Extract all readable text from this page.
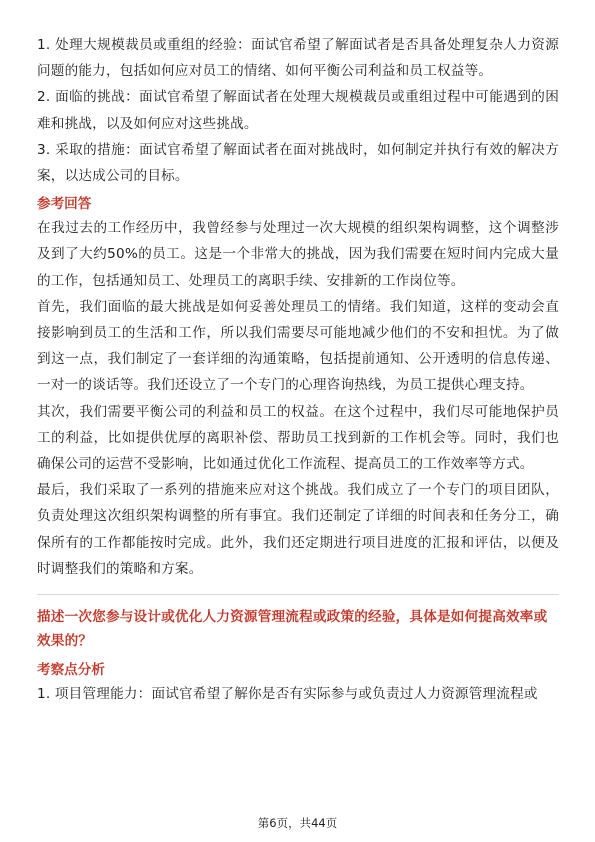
1. 处理大规模裁员或重组的经验：面试官希望了解面试者是否具备处理复杂人力资源问题的能力，包括如何应对员工的情绪、如何平衡公司利益和员工权益等。

2. 面临的挑战：面试官希望了解面试者在处理大规模裁员或重组过程中可能遇到的困难和挑战，以及如何应对这些挑战。

3. 采取的措施：面试官希望了解面试者在面对挑战时，如何制定并执行有效的解决方案，以达成公司的目标。

参考回答

在我过去的工作经历中，我曾经参与处理过一次大规模的组织架构调整，这个调整涉及到了大约50%的员工。这是一个非常大的挑战，因为我们需要在短时间内完成大量的工作，包括通知员工、处理员工的离职手续、安排新的工作岗位等。

首先，我们面临的最大挑战是如何妥善处理员工的情绪。我们知道，这样的变动会直接影响到员工的生活和工作，所以我们需要尽可能地减少他们的不安和担忧。为了做到这一点，我们制定了一套详细的沟通策略，包括提前通知、公开透明的信息传递、一对一的谈话等。我们还设立了一个专门的心理咨询热线，为员工提供心理支持。

其次，我们需要平衡公司的利益和员工的权益。在这个过程中，我们尽可能地保护员工的利益，比如提供优厚的离职补偿、帮助员工找到新的工作机会等。同时，我们也确保公司的运营不受影响，比如通过优化工作流程、提高员工的工作效率等方式。

最后，我们采取了一系列的措施来应对这个挑战。我们成立了一个专门的项目团队，负责处理这次组织架构调整的所有事宜。我们还制定了详细的时间表和任务分工，确保所有的工作都能按时完成。此外，我们还定期进行项目进度的汇报和评估，以便及时调整我们的策略和方案。

描述一次您参与设计或优化人力资源管理流程或政策的经验，具体是如何提高效率或效果的？

考察点分析

1. 项目管理能力：面试官希望了解你是否有实际参与或负责过人力资源管理流程或

第6页，共44页
